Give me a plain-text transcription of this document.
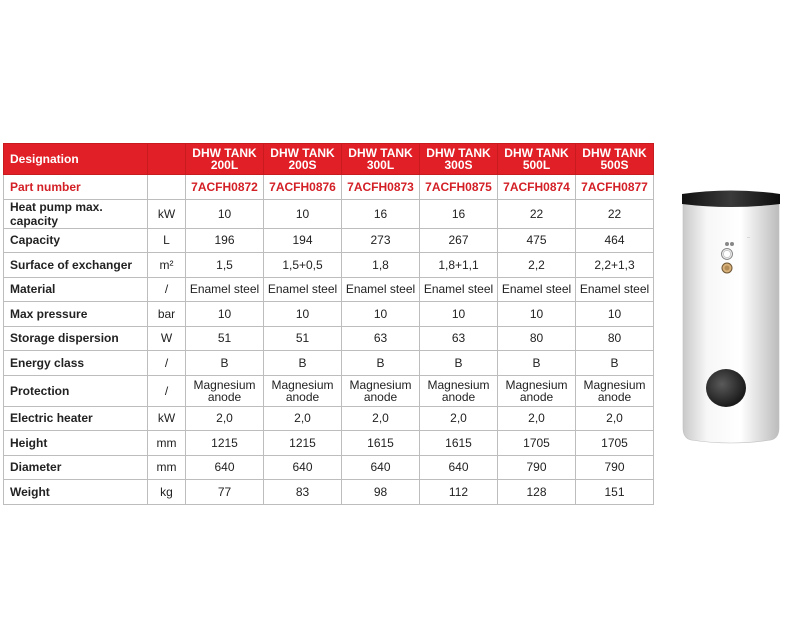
Designation		DHW TANK 200L	DHW TANK 200S	DHW TANK 300L	DHW TANK 300S	DHW TANK 500L	DHW TANK 500S
Part number		7ACFH0872	7ACFH0876	7ACFH0873	7ACFH0875	7ACFH0874	7ACFH0877
Heat pump max. capacity	kW	10	10	16	16	22	22
Capacity	L	196	194	273	267	475	464
Surface of exchanger	m²	1,5	1,5+0,5	1,8	1,8+1,1	2,2	2,2+1,3
Material	/	Enamel steel	Enamel steel	Enamel steel	Enamel steel	Enamel steel	Enamel steel
Max pressure	bar	10	10	10	10	10	10
Storage dispersion	W	51	51	63	63	80	80
Energy class	/	B	B	B	B	B	B
Protection	/	Magnesium anode	Magnesium anode	Magnesium anode	Magnesium anode	Magnesium anode	Magnesium anode
Electric heater	kW	2,0	2,0	2,0	2,0	2,0	2,0
Height	mm	1215	1215	1615	1615	1705	1705
Diameter	mm	640	640	640	640	790	790
Weight	kg	77	83	98	112	128	151
⸱⸱⸱
